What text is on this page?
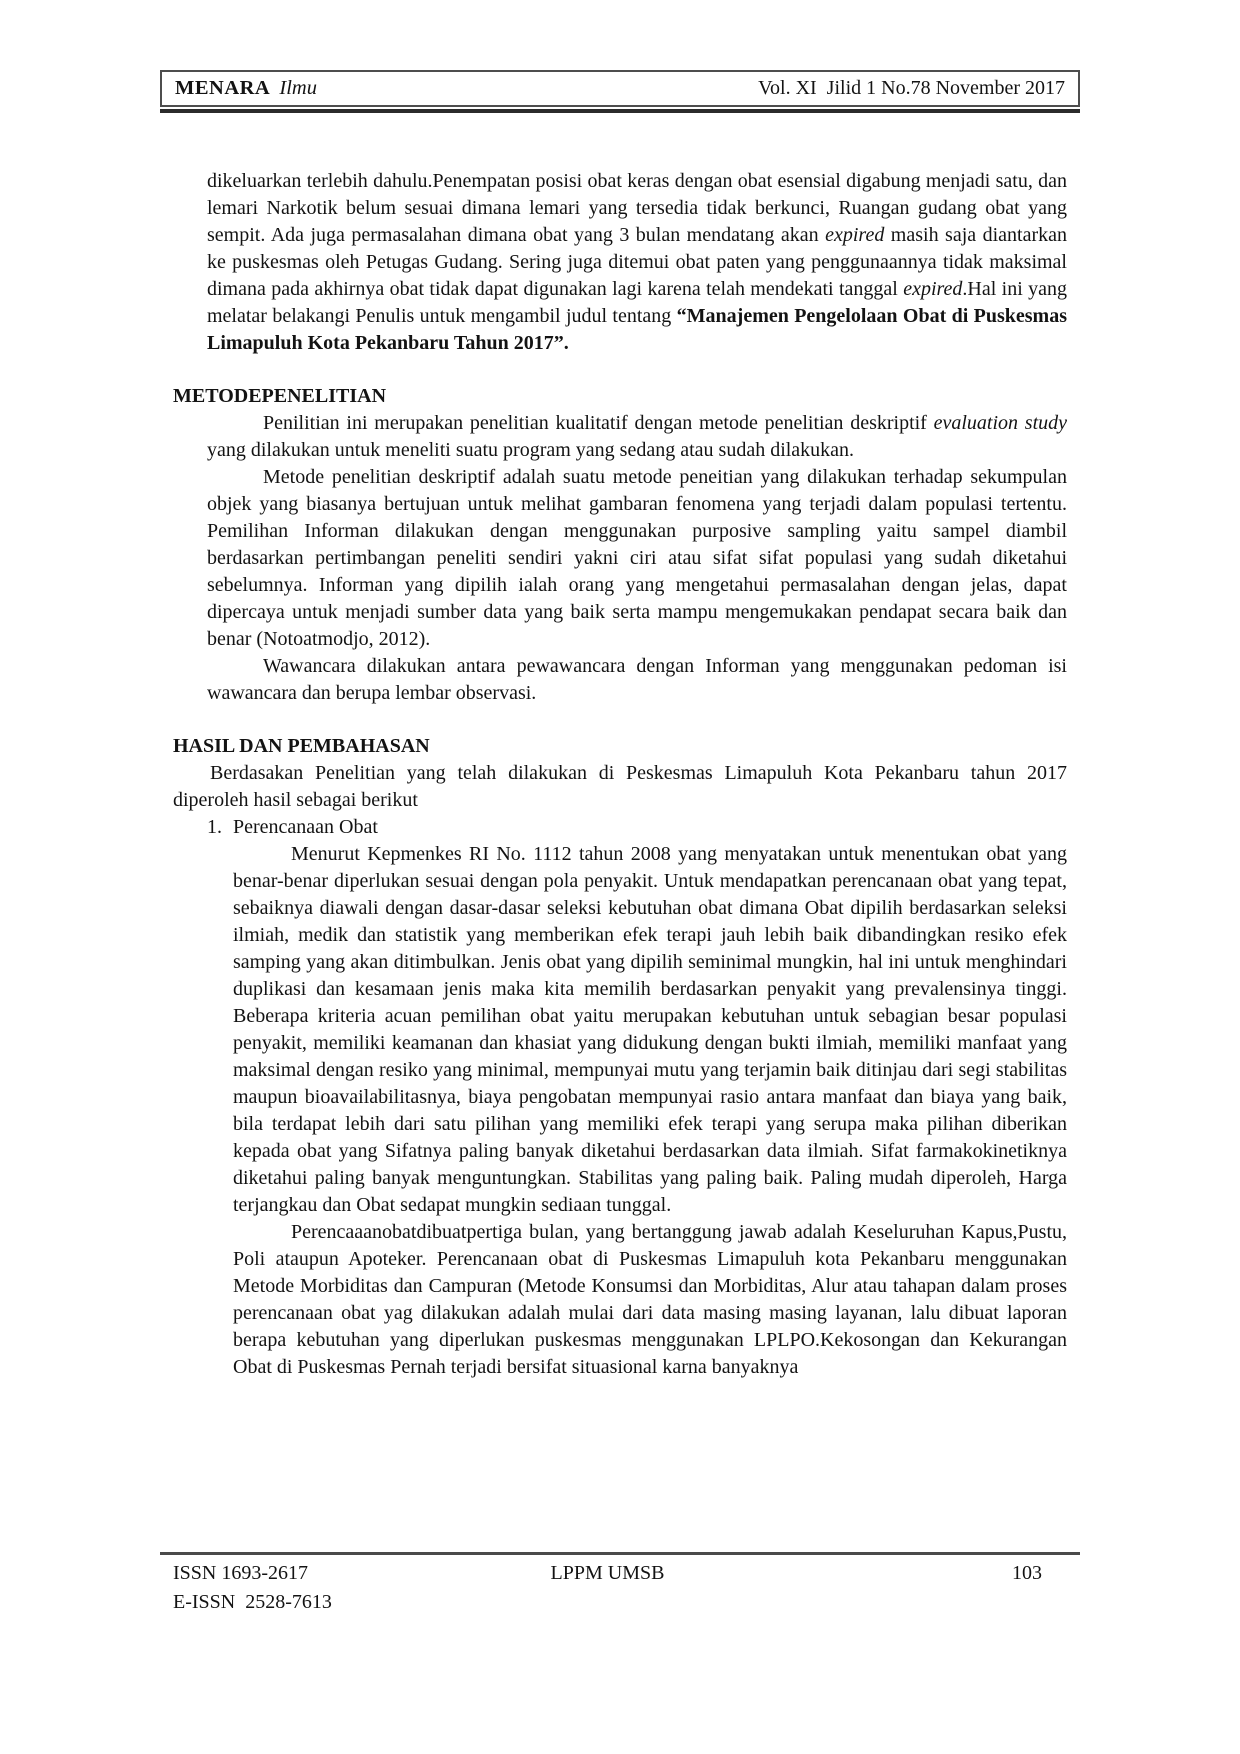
MENARA Ilmu	Vol. XI  Jilid 1 No.78 November 2017

dikeluarkan terlebih dahulu.Penempatan posisi obat keras dengan obat esensial digabung menjadi satu, dan lemari Narkotik belum sesuai dimana lemari yang tersedia tidak berkunci, Ruangan gudang obat yang sempit. Ada juga permasalahan dimana obat yang 3 bulan mendatang akan expired masih saja diantarkan ke puskesmas oleh Petugas Gudang. Sering juga ditemui obat paten yang penggunaannya tidak maksimal dimana pada akhirnya obat tidak dapat digunakan lagi karena telah mendekati tanggal expired.Hal ini yang melatar belakangi Penulis untuk mengambil judul tentang “Manajemen Pengelolaan Obat di Puskesmas Limapuluh Kota Pekanbaru Tahun 2017”.

METODEPENELITIAN

Penilitian ini merupakan penelitian kualitatif dengan metode penelitian deskriptif evaluation study yang dilakukan untuk meneliti suatu program yang sedang atau sudah dilakukan.

Metode penelitian deskriptif adalah suatu metode peneitian yang dilakukan terhadap sekumpulan objek yang biasanya bertujuan untuk melihat gambaran fenomena yang terjadi dalam populasi tertentu. Pemilihan Informan dilakukan dengan menggunakan purposive sampling yaitu sampel diambil berdasarkan pertimbangan peneliti sendiri yakni ciri atau sifat sifat populasi yang sudah diketahui sebelumnya. Informan yang dipilih ialah orang yang mengetahui permasalahan dengan jelas, dapat dipercaya untuk menjadi sumber data yang baik serta mampu mengemukakan pendapat secara baik dan benar (Notoatmodjo, 2012).

Wawancara dilakukan antara pewawancara dengan Informan yang menggunakan pedoman isi wawancara dan berupa lembar observasi.

HASIL DAN PEMBAHASAN

Berdasakan Penelitian yang telah dilakukan di Peskesmas Limapuluh Kota Pekanbaru tahun 2017 diperoleh hasil sebagai berikut

1. Perencanaan Obat

Menurut Kepmenkes RI No. 1112 tahun 2008 yang menyatakan untuk menentukan obat yang benar-benar diperlukan sesuai dengan pola penyakit. Untuk mendapatkan perencanaan obat yang tepat, sebaiknya diawali dengan dasar-dasar seleksi kebutuhan obat dimana Obat dipilih berdasarkan seleksi ilmiah, medik dan statistik yang memberikan efek terapi jauh lebih baik dibandingkan resiko efek samping yang akan ditimbulkan. Jenis obat yang dipilih seminimal mungkin, hal ini untuk menghindari duplikasi dan kesamaan jenis maka kita memilih berdasarkan penyakit yang prevalensinya tinggi. Beberapa kriteria acuan pemilihan obat yaitu merupakan kebutuhan untuk sebagian besar populasi penyakit, memiliki keamanan dan khasiat yang didukung dengan bukti ilmiah, memiliki manfaat yang maksimal dengan resiko yang minimal, mempunyai mutu yang terjamin baik ditinjau dari segi stabilitas maupun bioavailabilitasnya, biaya pengobatan mempunyai rasio antara manfaat dan biaya yang baik, bila terdapat lebih dari satu pilihan yang memiliki efek terapi yang serupa maka pilihan diberikan kepada obat yang Sifatnya paling banyak diketahui berdasarkan data ilmiah. Sifat farmakokinetiknya diketahui paling banyak menguntungkan. Stabilitas yang paling baik. Paling mudah diperoleh, Harga terjangkau dan Obat sedapat mungkin sediaan tunggal.

Perencaaanobatdibuatpertiga bulan, yang bertanggung jawab adalah Keseluruhan Kapus,Pustu, Poli ataupun Apoteker. Perencanaan obat di Puskesmas Limapuluh kota Pekanbaru menggunakan Metode Morbiditas dan Campuran (Metode Konsumsi dan Morbiditas, Alur atau tahapan dalam proses perencanaan obat yag dilakukan adalah mulai dari data masing masing layanan, lalu dibuat laporan berapa kebutuhan yang diperlukan puskesmas menggunakan LPLPO.Kekosongan dan Kekurangan Obat di Puskesmas Pernah terjadi bersifat situasional karna banyaknya

ISSN 1693-2617
E-ISSN  2528-7613
LPPM UMSB	103
